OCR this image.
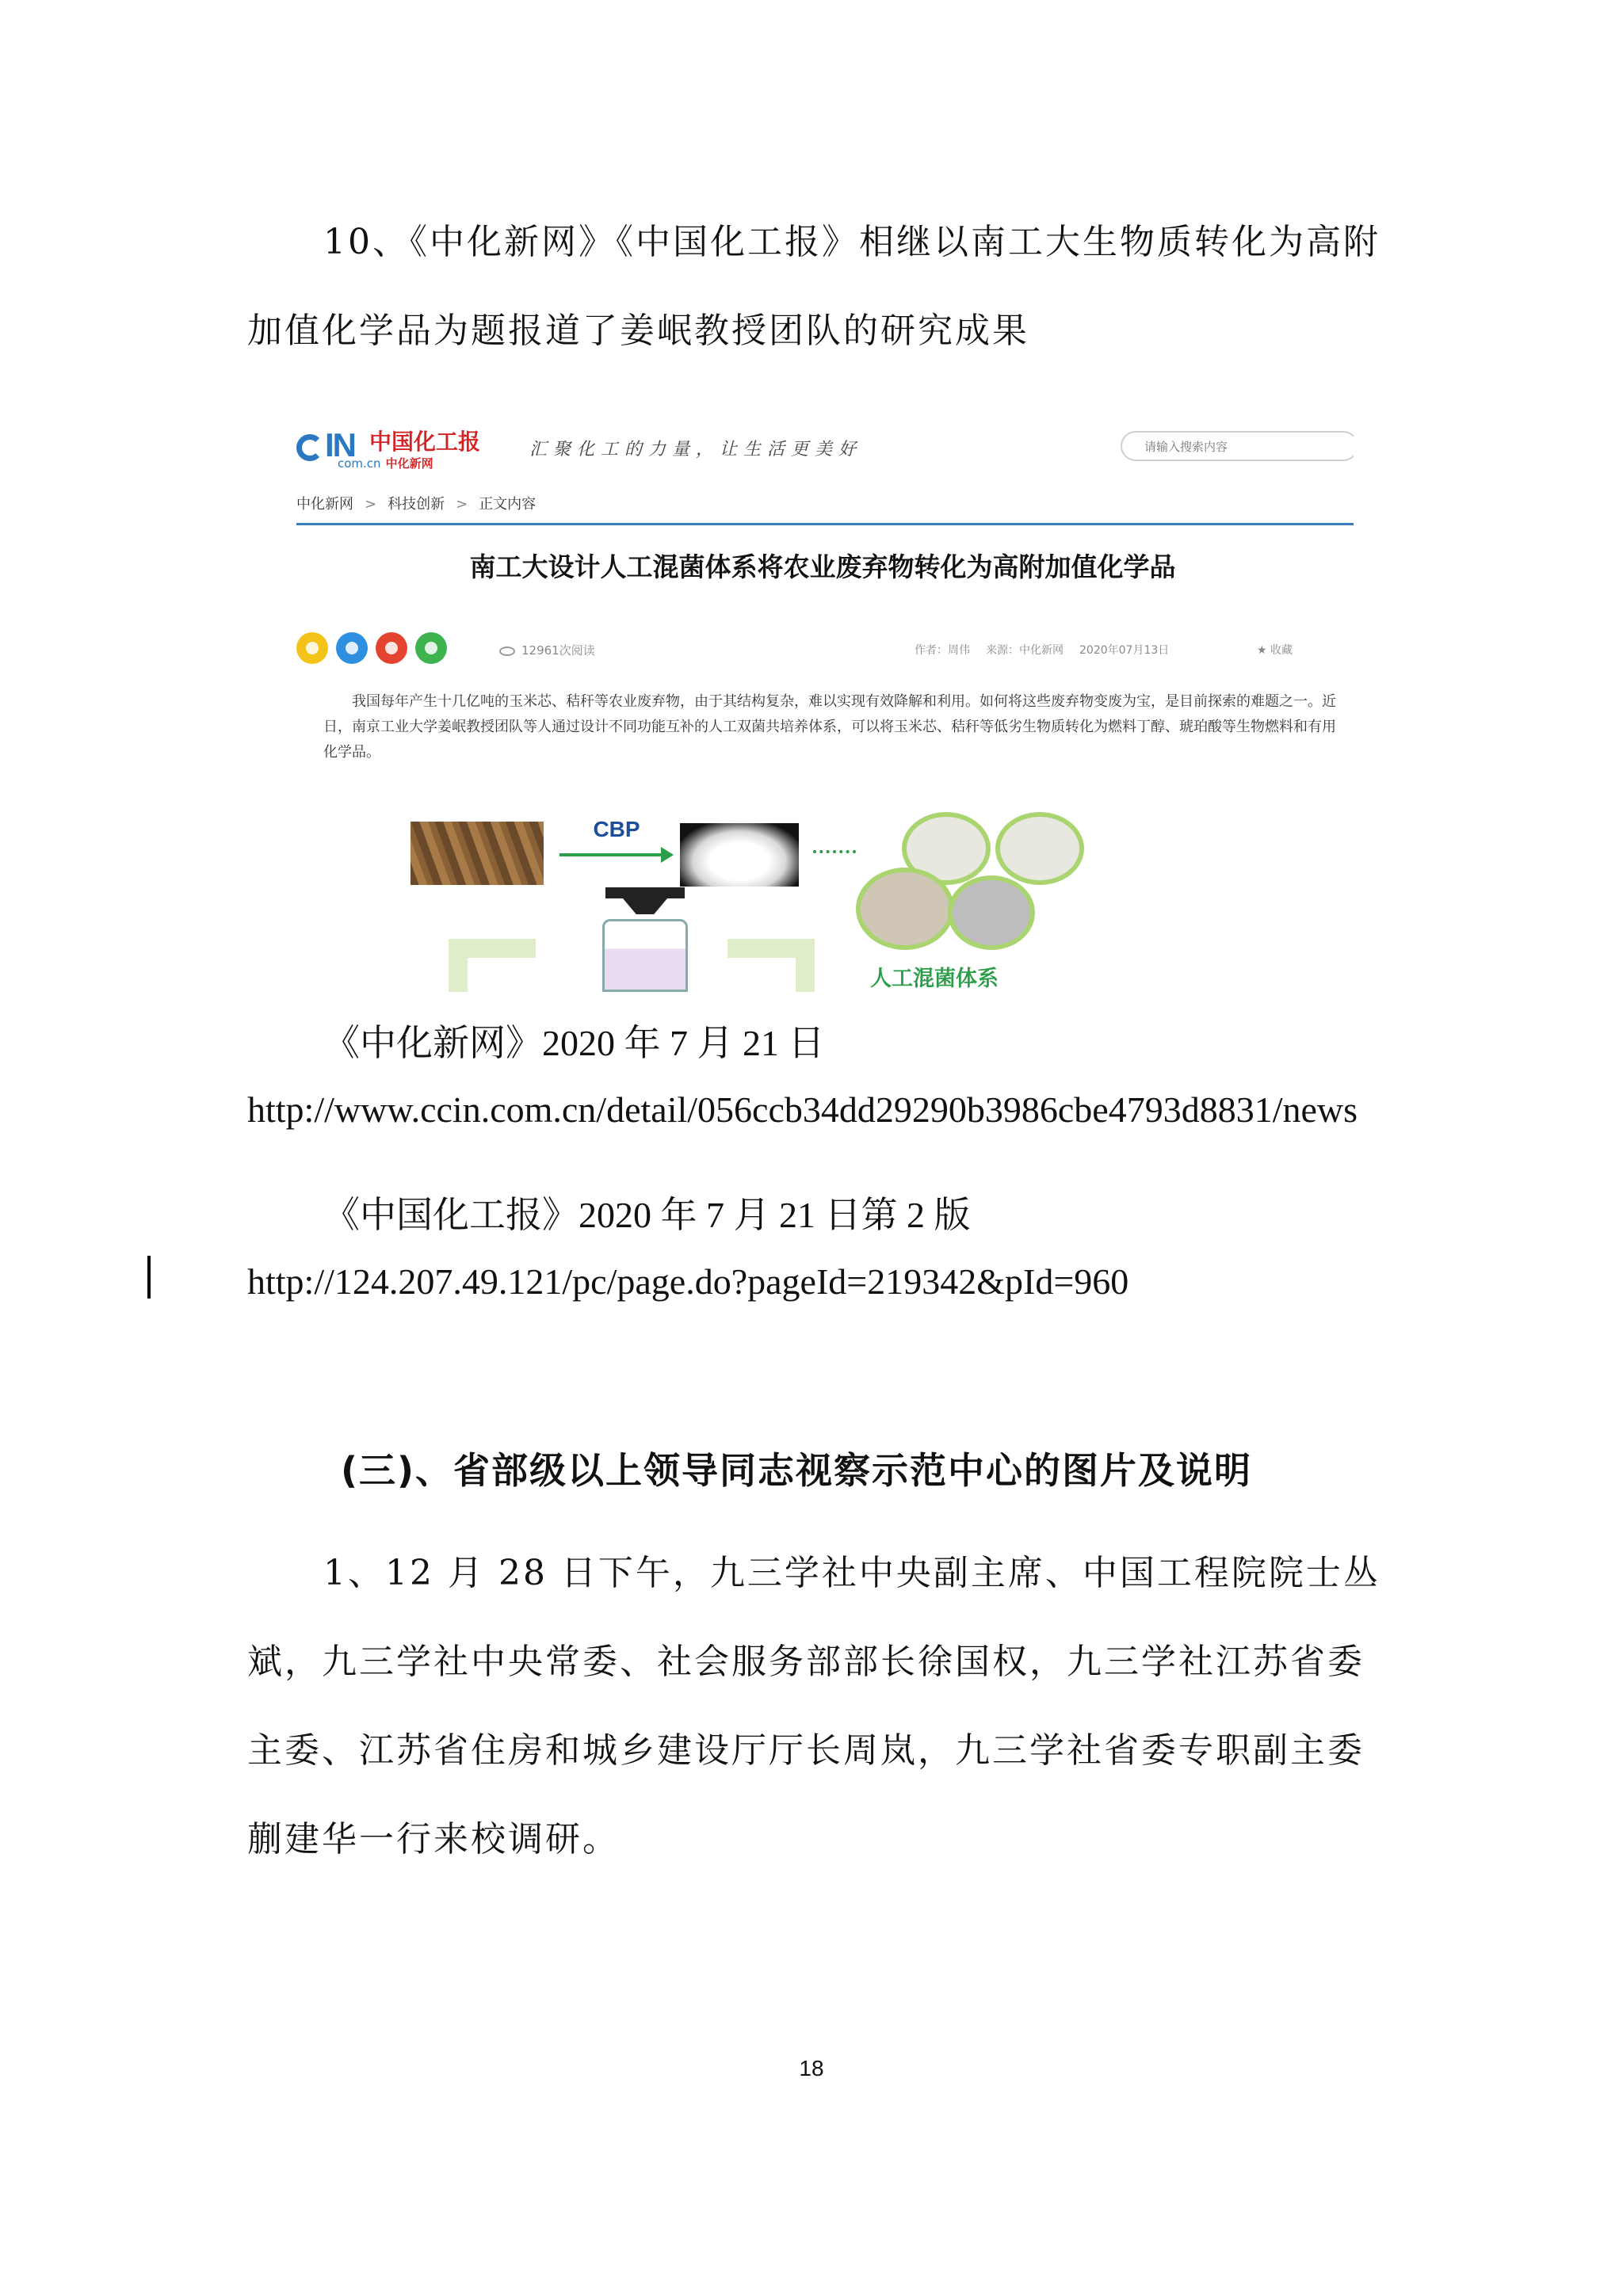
10、《中化新网》《中国化工报》相继以南工大生物质转化为高附加值化学品为题报道了姜岷教授团队的研究成果

IN 中国化工报
com.cn 中化新网
汇聚化工的力量，让生活更美好
请输入搜索内容
中化新网 > 科技创新 > 正文内容
南工大设计人工混菌体系将农业废弃物转化为高附加值化学品
12961次阅读	作者：周伟 来源：中化新网 2020年07月13日	★ 收藏

我国每年产生十几亿吨的玉米芯、秸秆等农业废弃物，由于其结构复杂，难以实现有效降解和利用。如何将这些废弃物变废为宝，是目前探索的难题之一。近日，南京工业大学姜岷教授团队等人通过设计不同功能互补的人工双菌共培养体系，可以将玉米芯、秸秆等低劣生物质转化为燃料丁醇、琥珀酸等生物燃料和有用化学品。

CBP
人工混菌体系

《中化新网》2020 年 7 月 21 日　http://www.ccin.com.cn/detail/056ccb34dd29290b3986cbe4793d8831/news

《中国化工报》2020 年 7 月 21 日第 2 版 http://124.207.49.121/pc/page.do?pageId=219342&pId=960

(三)、省部级以上领导同志视察示范中心的图片及说明

1、12 月 28 日下午，九三学社中央副主席、中国工程院院士丛斌，九三学社中央常委、社会服务部部长徐国权，九三学社江苏省委主委、江苏省住房和城乡建设厅厅长周岚，九三学社省委专职副主委蒯建华一行来校调研。

18
